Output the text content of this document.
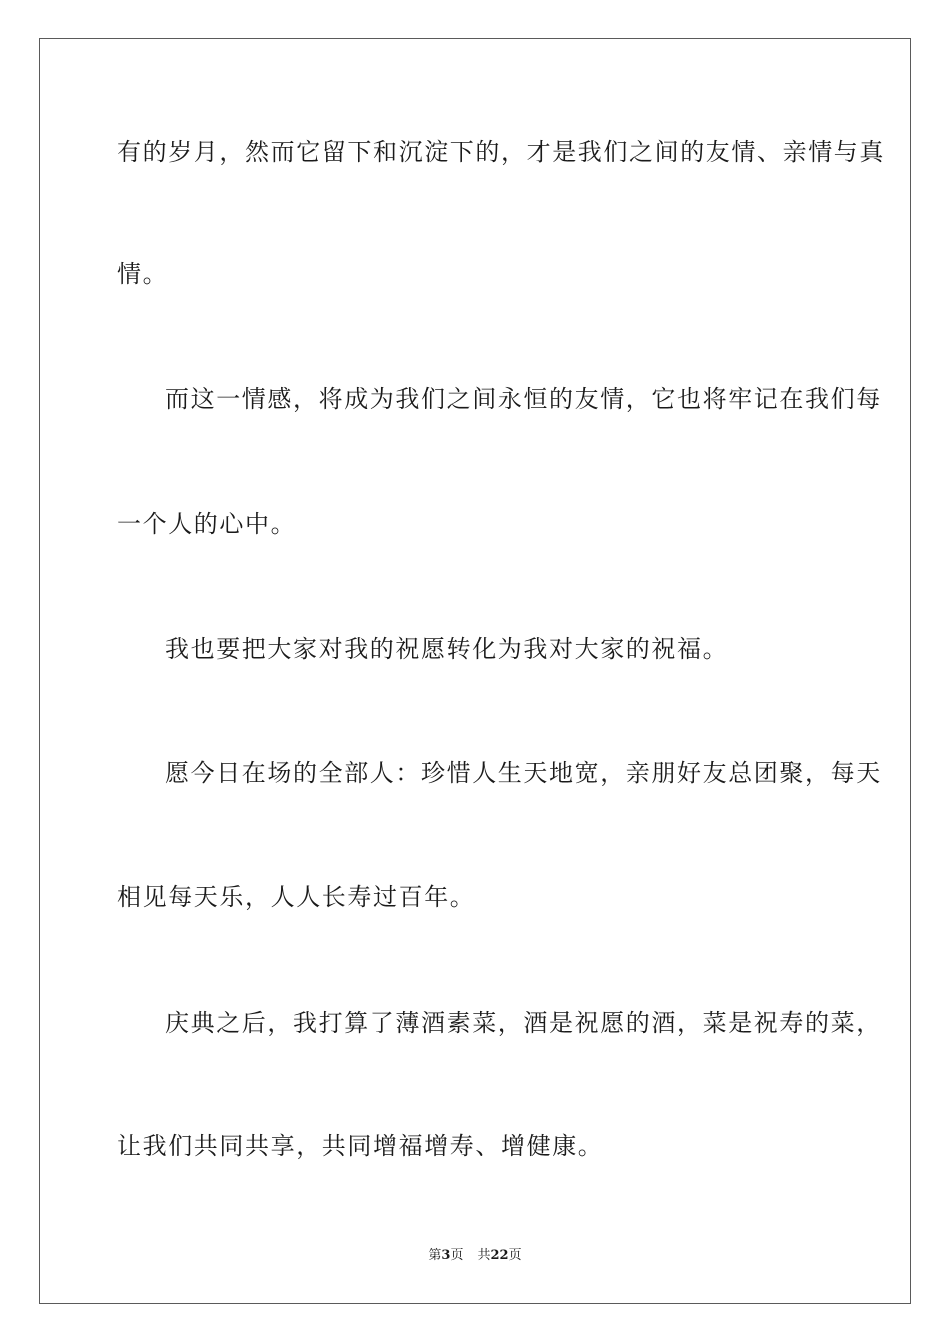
有的岁月，然而它留下和沉淀下的，才是我们之间的友情、亲情与真
情。
而这一情感，将成为我们之间永恒的友情，它也将牢记在我们每
一个人的心中。
我也要把大家对我的祝愿转化为我对大家的祝福。
愿今日在场的全部人：珍惜人生天地宽，亲朋好友总团聚，每天
相见每天乐，人人长寿过百年。
庆典之后，我打算了薄酒素菜，酒是祝愿的酒，菜是祝寿的菜，
让我们共同共享，共同增福增寿、增健康。
第3页 共22页
